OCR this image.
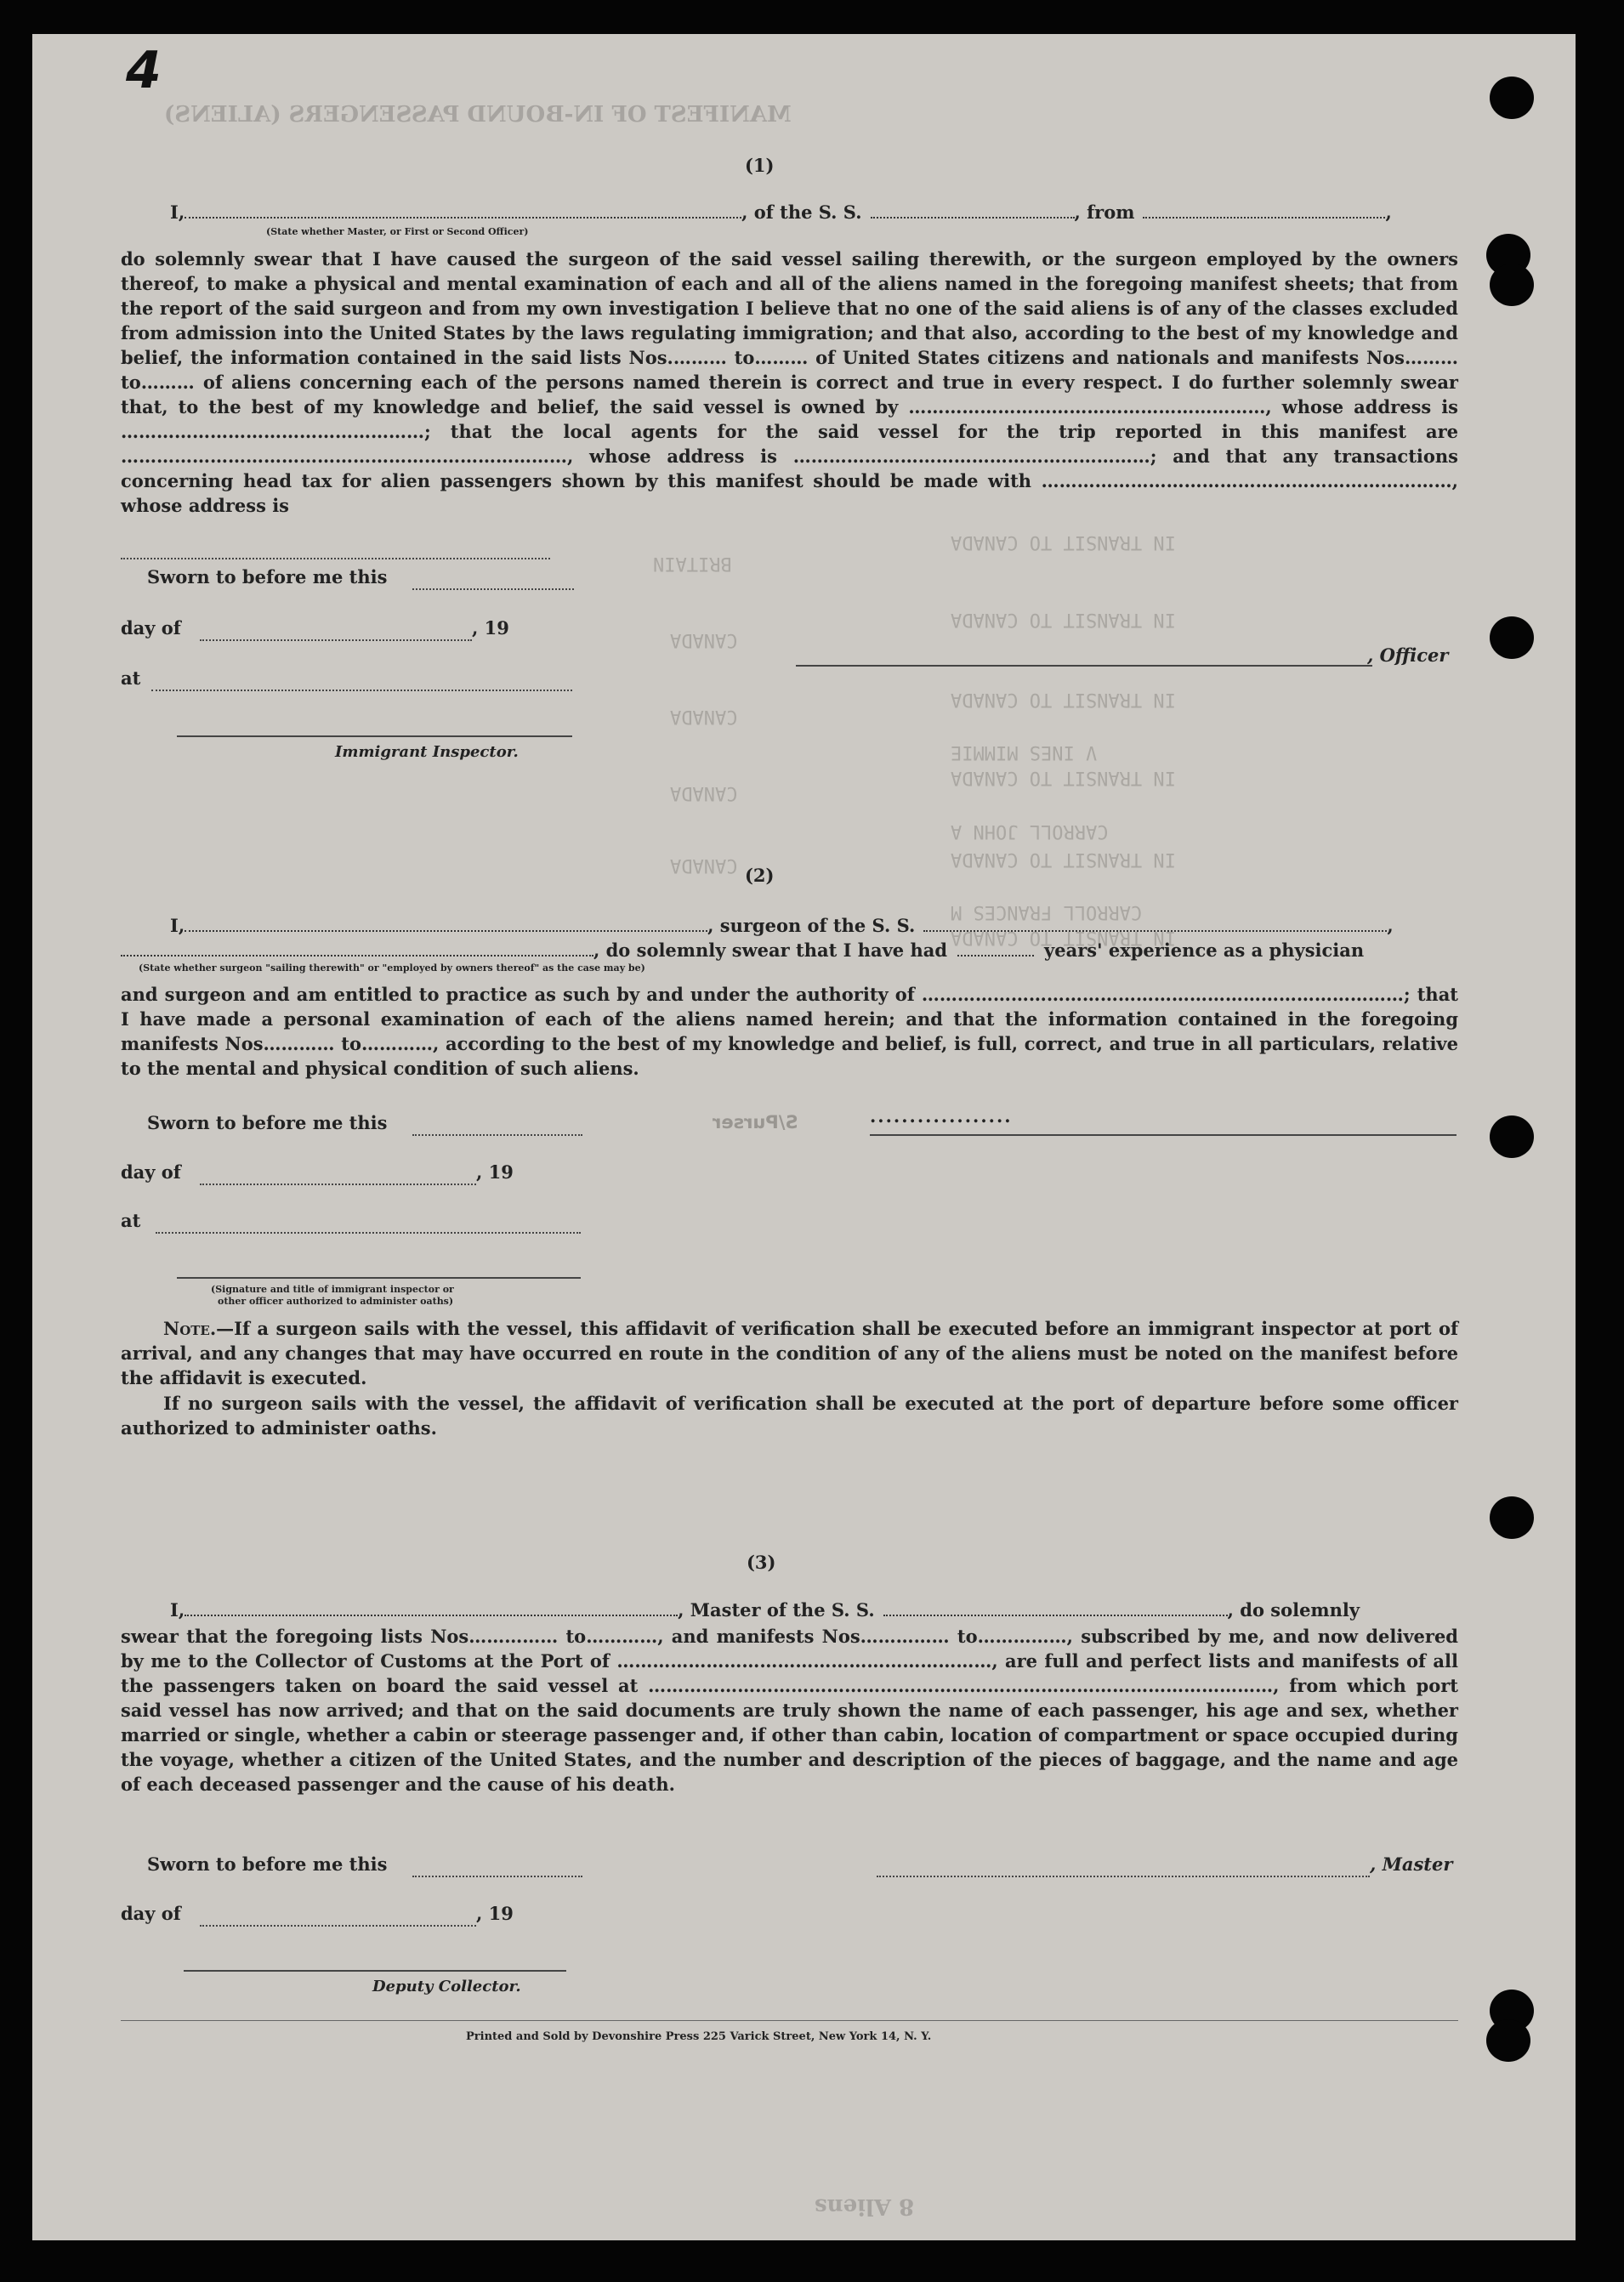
4
MANIFEST OF IN-BOUND PASSENGERS (ALIENS)
IN TRANSIT TO CANADA
IN TRANSIT TO CANADA
IN TRANSIT TO CANADA
V INES MIMMIE
IN TRANSIT TO CANADA
CARROLL JOHN A
IN TRANSIT TO CANADA
CARROLL FRANCES M
IN TRANSIT TO CANADA
BRITAIN
CANADA
CANADA
CANADA
CANADA
(1)
I,	, of the S. S.	, from	,
(State whether Master, or First or Second Officer)

do solemnly swear that I have caused the surgeon of the said vessel sailing therewith, or the surgeon employed by the owners thereof, to make a physical and mental examination of each and all of the aliens named in the foregoing manifest sheets; that from the report of the said surgeon and from my own investigation I believe that no one of the said aliens is of any of the classes excluded from admission into the United States by the laws regulating immigration; and that also, according to the best of my knowledge and belief, the information contained in the said lists Nos.……… to……… of United States citizens and nationals and manifests Nos……… to……… of aliens concerning each of the persons named therein is correct and true in every respect. I do further solemnly swear that, to the best of my knowledge and belief, the said vessel is owned by ……………………………………………………, whose address is ……………………………………………; that the local agents for the said vessel for the trip reported in this manifest are …………………………………………………………………, whose address is ……………………………………………………; and that any transactions concerning head tax for alien passengers shown by this manifest should be made with ……………………………………………………………, whose address is

Sworn to before me this
day of	, 19
at
Immigrant Inspector.
, Officer
(2)
I,	, surgeon of the S. S.	,
, do solemnly swear that I have had	years' experience as a physician
(State whether surgeon "sailing therewith" or "employed by owners thereof" as the case may be)

and surgeon and am entitled to practice as such by and under the authority of ………………………………………………………………………; that I have made a personal examination of each of the aliens named herein; and that the information contained in the foregoing manifests Nos………… to…………, according to the best of my knowledge and belief, is full, correct, and true in all particulars, relative to the mental and physical condition of such aliens.

Sworn to before me this	S/Purser	..................
day of	, 19
at
(Signature and title of immigrant inspector or
other officer authorized to administer oaths)

Note.—If a surgeon sails with the vessel, this affidavit of verification shall be executed before an immigrant inspector at port of arrival, and any changes that may have occurred en route in the condition of any of the aliens must be noted on the manifest before the affidavit is executed.

If no surgeon sails with the vessel, the affidavit of verification shall be executed at the port of departure before some officer authorized to administer oaths.

(3)
I,	, Master of the S. S.	, do solemnly

swear that the foregoing lists Nos…………… to…………, and manifests Nos…………… to……………, subscribed by me, and now delivered by me to the Collector of Customs at the Port of ………………………………………………………, are full and perfect lists and manifests of all the passengers taken on board the said vessel at ……………………………………………………………………………………………, from which port said vessel has now arrived; and that on the said documents are truly shown the name of each passenger, his age and sex, whether married or single, whether a cabin or steerage passenger and, if other than cabin, location of compartment or space occupied during the voyage, whether a citizen of the United States, and the number and description of the pieces of baggage, and the name and age of each deceased passenger and the cause of his death.

Sworn to before me this	, Master
day of	, 19
Deputy Collector.
Printed and Sold by Devonshire Press 225 Varick Street, New York 14, N. Y.
8 Aliens
